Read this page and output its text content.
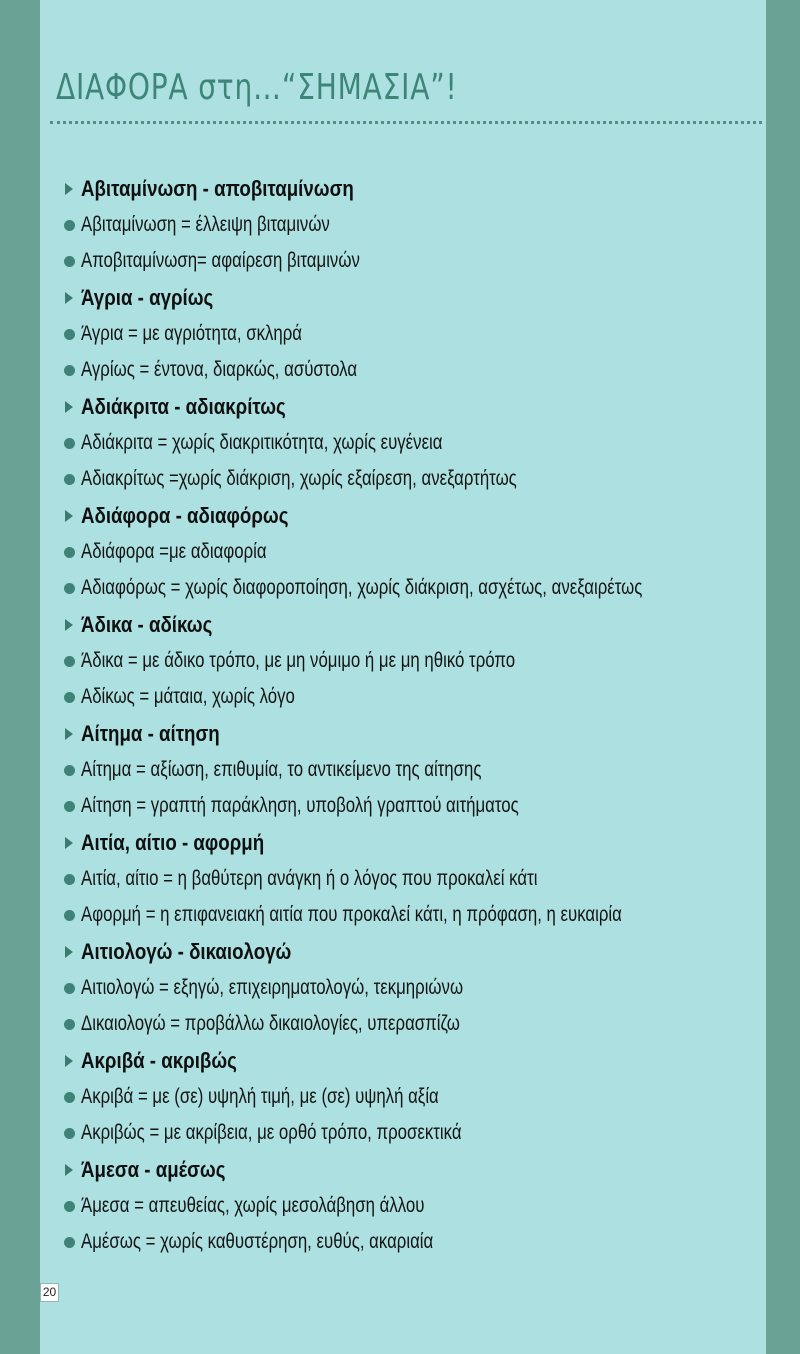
ΔΙΑΦΟΡΑ στη…“ΣΗΜΑΣΙΑ”!
Αβιταμίνωση - αποβιταμίνωση
Αβιταμίνωση = έλλειψη βιταμινών
Αποβιταμίνωση= αφαίρεση βιταμινών
Άγρια - αγρίως
Άγρια = με αγριότητα, σκληρά
Αγρίως = έντονα, διαρκώς, ασύστολα
Αδιάκριτα - αδιακρίτως
Αδιάκριτα = χωρίς διακριτικότητα, χωρίς ευγένεια
Αδιακρίτως =χωρίς διάκριση, χωρίς εξαίρεση, ανεξαρτήτως
Αδιάφορα - αδιαφόρως
Αδιάφορα =με αδιαφορία
Αδιαφόρως = χωρίς διαφοροποίηση, χωρίς διάκριση, ασχέτως, ανεξαιρέτως
Άδικα - αδίκως
Άδικα = με άδικο τρόπο, με μη νόμιμο ή με μη ηθικό τρόπο
Αδίκως = μάταια, χωρίς λόγο
Αίτημα - αίτηση
Αίτημα = αξίωση, επιθυμία, το αντικείμενο της αίτησης
Αίτηση = γραπτή παράκληση, υποβολή γραπτού αιτήματος
Αιτία, αίτιο - αφορμή
Αιτία, αίτιο = η βαθύτερη ανάγκη ή ο λόγος που προκαλεί κάτι
Αφορμή = η επιφανειακή αιτία που προκαλεί κάτι, η πρόφαση, η ευκαιρία
Αιτιολογώ - δικαιολογώ
Αιτιολογώ = εξηγώ, επιχειρηματολογώ, τεκμηριώνω
Δικαιολογώ = προβάλλω δικαιολογίες, υπερασπίζω
Ακριβά - ακριβώς
Ακριβά = με (σε) υψηλή τιμή, με (σε) υψηλή αξία
Ακριβώς = με ακρίβεια, με ορθό τρόπο, προσεκτικά
Άμεσα - αμέσως
Άμεσα = απευθείας, χωρίς μεσολάβηση άλλου
Αμέσως = χωρίς καθυστέρηση, ευθύς, ακαριαία
20
